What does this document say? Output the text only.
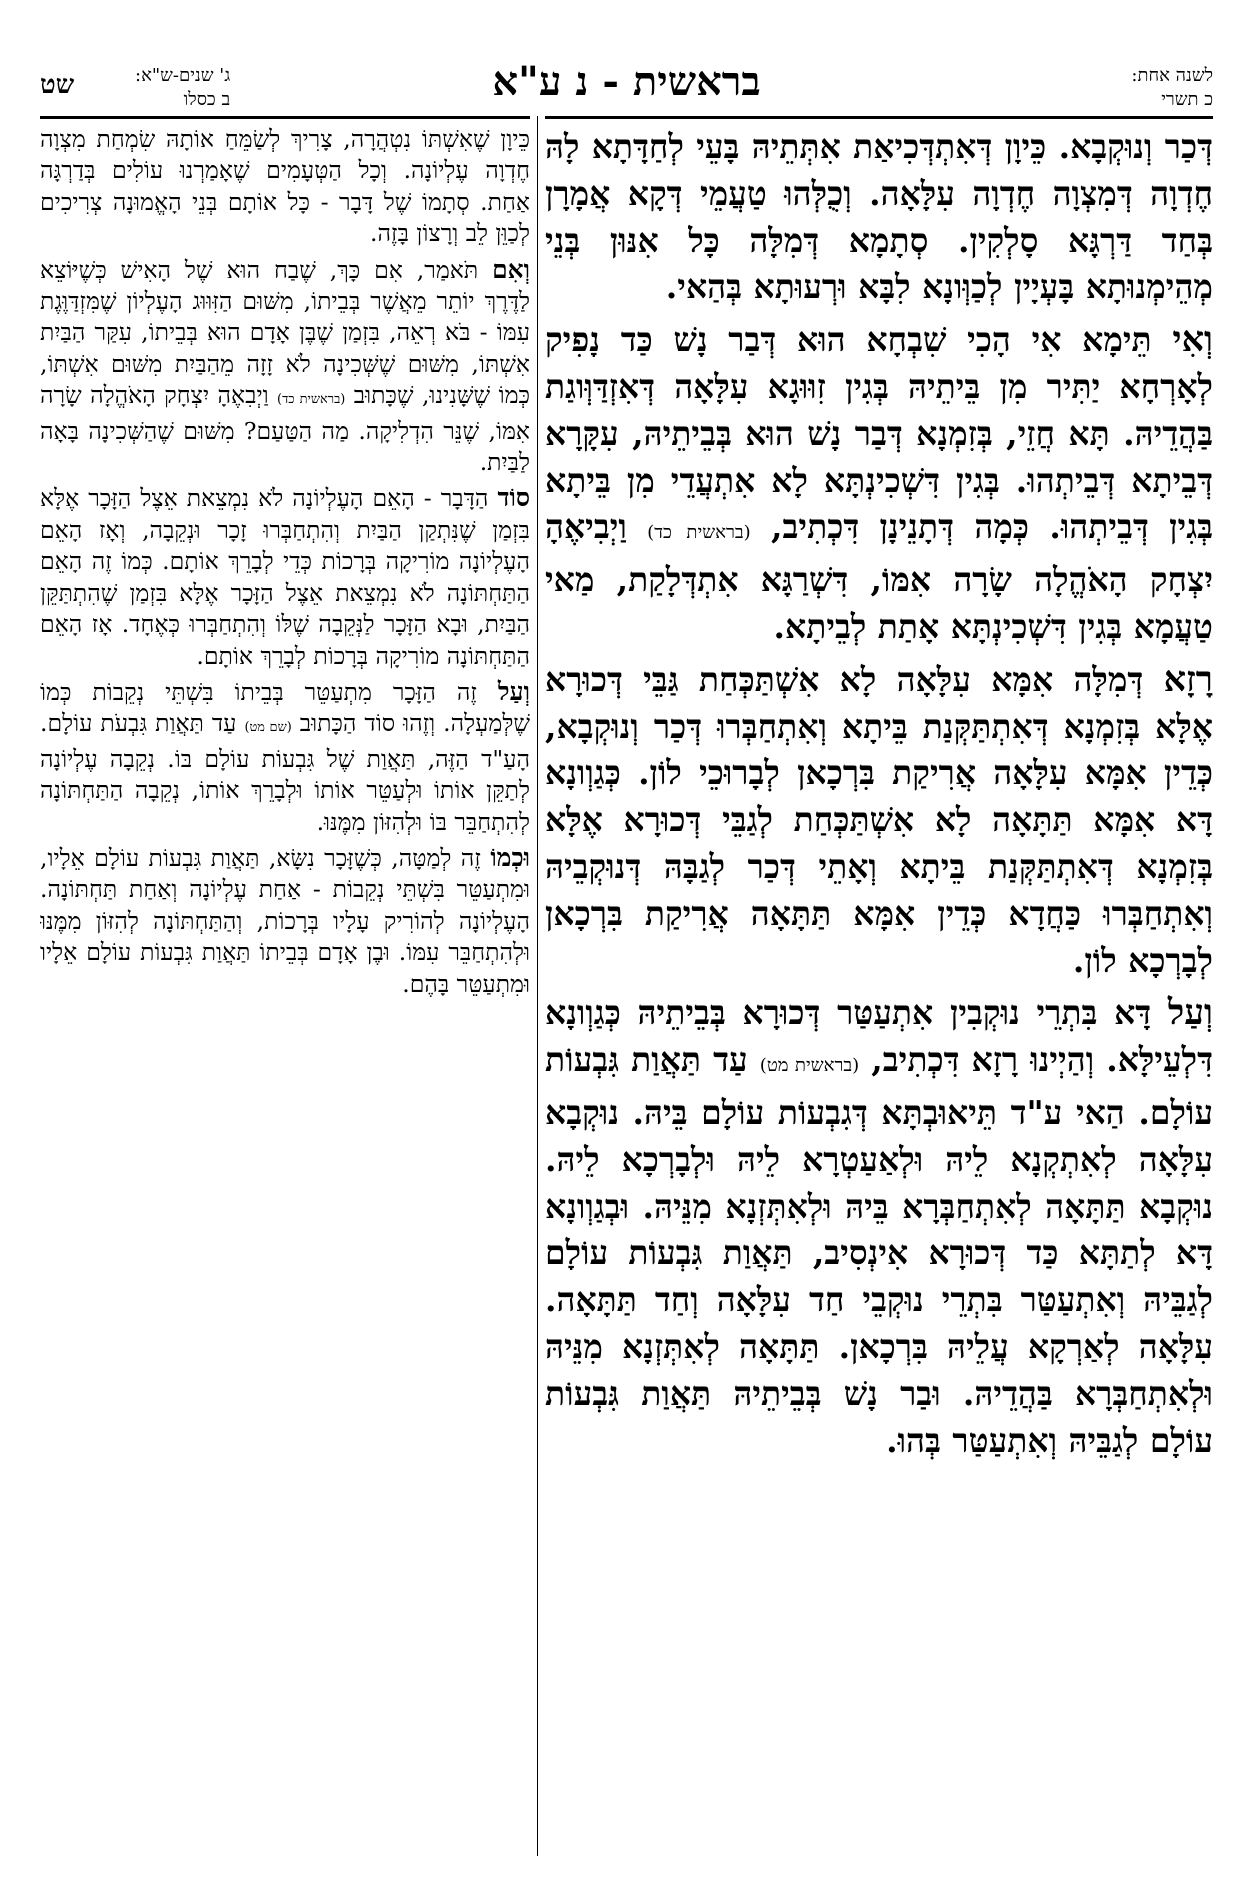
לשנה אחת:
כ תשרי
בראשית - נ ע"א
ג' שנים-ש"א:
ב כסלו
שט

דְּכַר וְנוּקְבָא. כֵּיוָן דְּאִתְדְּכִיאַת אִתְּתֵיהּ בָּעֵי לְחַדָּתָא לָהּ חֶדְוָה דְּמִצְוָה חֶדְוָה עִלָּאָה. וְכֻלְּהוּ טַעֲמֵי דְּקָא אֲמָרָן בְּחַד דַּרְגָּא סָלְקִין. סְתָמָא דְּמִלָּה כָּל אִנּוּן בְּנֵי מְהֵימְנוּתָא בָּעְיָין לְכַוְּונָא לִבָּא וּרְעוּתָא בְּהַאי.

וְאִי תֵּימָא אִי הָכִי שִׁבְחָא הוּא דְּבַר נָשׁ כַּד נָפִיק לְאָרְחָא יַתִּיר מִן בֵּיתֵיהּ בְּגִין זִוּוּגָא עִלָּאָה דְּאִזְדַּוְּוגַת בַּהֲדֵיהּ. תָּא חֲזֵי, בְּזִמְנָא דְּבַר נָשׁ הוּא בְּבֵיתֵיהּ, עִקָּרָא דְּבֵיתָא דְּבֵיתְהוּ. בְּגִין דִּשְׁכִינְתָּא לָא אִתְעֲדֵי מִן בֵּיתָא בְּגִין דְּבֵיתְהוּ. כְּמָה דְּתָנֵינָן דִּכְתִיב, (בראשית כד) וַיְבִיאֶהָ יִצְחָק הָאֹהֱלָה שָׂרָה אִמּוֹ, דִּשְׁרַגָּא אִתְדְּלָקַת, מַאי טַעֲמָא בְּגִין דִּשְׁכִינְתָּא אָתַת לְבֵיתָא.

רָזָא דְּמִלָּה אִמָּא עִלָּאָה לָא אִשְׁתַּכְּחַת גַּבֵּי דְּכוּרָא אֶלָּא בְּזִמְנָא דְּאִתְתַּקְּנַת בֵּיתָא וְאִתְחַבְּרוּ דְּכַר וְנוּקְבָא, כְּדֵין אִמָּא עִלָּאָה אֲרִיקַת בִּרְכָאן לְבָרוּכֵי לוֹן. כְּגַוְונָא דָּא אִמָּא תַּתָּאָה לָא אִשְׁתַּכְּחַת לְגַבֵּי דְּכוּרָא אֶלָּא בְּזִמְנָא דְּאִתְתַּקְּנַת בֵּיתָא וְאָתֵי דְּכַר לְגַבָּהּ דְּנוּקְבֵיהּ וְאִתְחַבְּרוּ כַּחֲדָא כְּדֵין אִמָּא תַּתָּאָה אֲרִיקַת בִּרְכָאן לְבָרְכָא לוֹן.

וְעַל דָּא בִּתְרֵי נוּקְבִין אִתְעַטַּר דְּכוּרָא בְּבֵיתֵיהּ כְּגַוְונָא דִּלְעֵילָּא. וְהַיְינוּ רָזָא דִּכְתִיב, (בראשית מט) עַד תַּאֲוַת גִּבְעוֹת עוֹלָם. הַאי ע"ד תֵּיאוּבְתָּא דְּגִבְעוֹת עוֹלָם בֵּיהּ. נוּקְבָא עִלָּאָה לְאִתְקְנָא לֵיהּ וּלְאַעַטְרָא לֵיהּ וּלְבָרְכָא לֵיהּ. נוּקְבָא תַּתָּאָה לְאִתְחַבְּרָא בֵּיהּ וּלְאִתְּזְנָא מִנֵּיהּ. וּבְגַוְונָא דָּא לְתַתָּא כַּד דְּכוּרָא אִינְסִיב, תַּאֲוַת גִּבְעוֹת עוֹלָם לְגַבֵּיהּ וְאִתְעַטַּר בִּתְרֵי נוּקְבֵי חַד עִלָּאָה וְחַד תַּתָּאָה. עִלָּאָה לְאַרְקָא עֲלֵיהּ בִּרְכָאן. תַּתָּאָה לְאִתְּזְנָא מִנֵּיהּ וּלְאִתְחַבְּרָא בַּהֲדֵיהּ. וּבַר נָשׁ בְּבֵיתֵיהּ תַּאֲוַת גִּבְעוֹת עוֹלָם לְגַבֵּיהּ וְאִתְעַטַּר בְּהוּ.

כֵּיוָן שֶׁאִשְׁתּוֹ נִטְהֲרָה, צָרִיךְ לְשַׂמֵּחַ אוֹתָהּ שִׂמְחַת מִצְוָה חֶדְוָה עֶלְיוֹנָה. וְכָל הַטְּעָמִים שֶׁאָמַרְנוּ עוֹלִים בְּדַרְגָּה אַחַת. סְתָמוֹ שֶׁל דָּבָר - כָּל אוֹתָם בְּנֵי הָאֱמוּנָה צְרִיכִים לְכַוֵּן לֵב וְרָצוֹן בָּזֶה.

וְאִם תֹּאמַר, אִם כָּךְ, שֶׁבַח הוּא שֶׁל הָאִישׁ כְּשֶׁיּוֹצֵא לַדֶּרֶךְ יוֹתֵר מֵאֲשֶׁר בְּבֵיתוֹ, מִשּׁוּם הַזִּוּוּג הָעֶלְיוֹן שֶׁמִּזְדַּוֶּגֶת עִמּוֹ - בֹּא רְאֵה, בִּזְמַן שֶׁבֶּן אָדָם הוּא בְּבֵיתוֹ, עִקַּר הַבַּיִת אִשְׁתּוֹ, מִשּׁוּם שֶׁשְּׁכִינָה לֹא זָזָה מֵהַבַּיִת מִשּׁוּם אִשְׁתּוֹ, כְּמוֹ שֶׁשָּׁנִינוּ, שֶׁכָּתוּב (בראשית כד) וַיְבִאֶהָ יִצְחָק הָאֹהֱלָה שָׂרָה אִמּוֹ, שֶׁנֵּר הִדְלִיקָה. מַה הַטַּעַם? מִשּׁוּם שֶׁהַשְּׁכִינָה בָּאָה לַבַּיִת.

סוֹד הַדָּבָר - הָאֵם הָעֶלְיוֹנָה לֹא נִמְצֵאת אֵצֶל הַזָּכָר אֶלָּא בִּזְמַן שֶׁנִּתְקַן הַבַּיִת וְהִתְחַבְּרוּ זָכָר וּנְקֵבָה, וְאָז הָאֵם הָעֶלְיוֹנָה מוֹרִיקָה בְּרָכוֹת כְּדֵי לְבָרֵךְ אוֹתָם. כְּמוֹ זֶה הָאֵם הַתַּחְתּוֹנָה לֹא נִמְצֵאת אֵצֶל הַזָּכָר אֶלָּא בִּזְמַן שֶׁהִתְתַּקֵּן הַבַּיִת, וּבָא הַזָּכָר לַנְּקֵבָה שֶׁלּוֹ וְהִתְחַבְּרוּ כְּאֶחָד. אָז הָאֵם הַתַּחְתּוֹנָה מוֹרִיקָה בְּרָכוֹת לְבָרֵךְ אוֹתָם.

וְעַל זֶה הַזָּכָר מִתְעַטֵּר בְּבֵיתוֹ בִּשְׁתֵּי נְקֵבוֹת כְּמוֹ שֶׁלְּמַעְלָה. וְזֶהוּ סוֹד הַכָּתוּב (שם מט) עַד תַּאֲוַת גִּבְעֹת עוֹלָם. הָעַ"ד הַזֶּה, תַּאֲוַת שֶׁל גִּבְעוֹת עוֹלָם בּוֹ. נְקֵבָה עֶלְיוֹנָה לְתַקֵּן אוֹתוֹ וּלְעַטֵּר אוֹתוֹ וּלְבָרֵךְ אוֹתוֹ, נְקֵבָה הַתַּחְתּוֹנָה לְהִתְחַבֵּר בּוֹ וּלְהִזּוֹן מִמֶּנּוּ.

וּכְמוֹ זֶה לְמַטָּה, כְּשֶׁזָּכָר נִשָּׂא, תַּאֲוַת גִּבְעוֹת עוֹלָם אֵלָיו, וּמִתְעַטֵּר בִּשְׁתֵּי נְקֵבוֹת - אַחַת עֶלְיוֹנָה וְאַחַת תַּחְתּוֹנָה. הָעֶלְיוֹנָה לְהוֹרִיק עָלָיו בְּרָכוֹת, וְהַתַּחְתּוֹנָה לְהִזּוֹן מִמֶּנּוּ וּלְהִתְחַבֵּר עִמּוֹ. וּבֶן אָדָם בְּבֵיתוֹ תַּאֲוַת גִּבְעוֹת עוֹלָם אֵלָיו וּמִתְעַטֵּר בָּהֶם.
